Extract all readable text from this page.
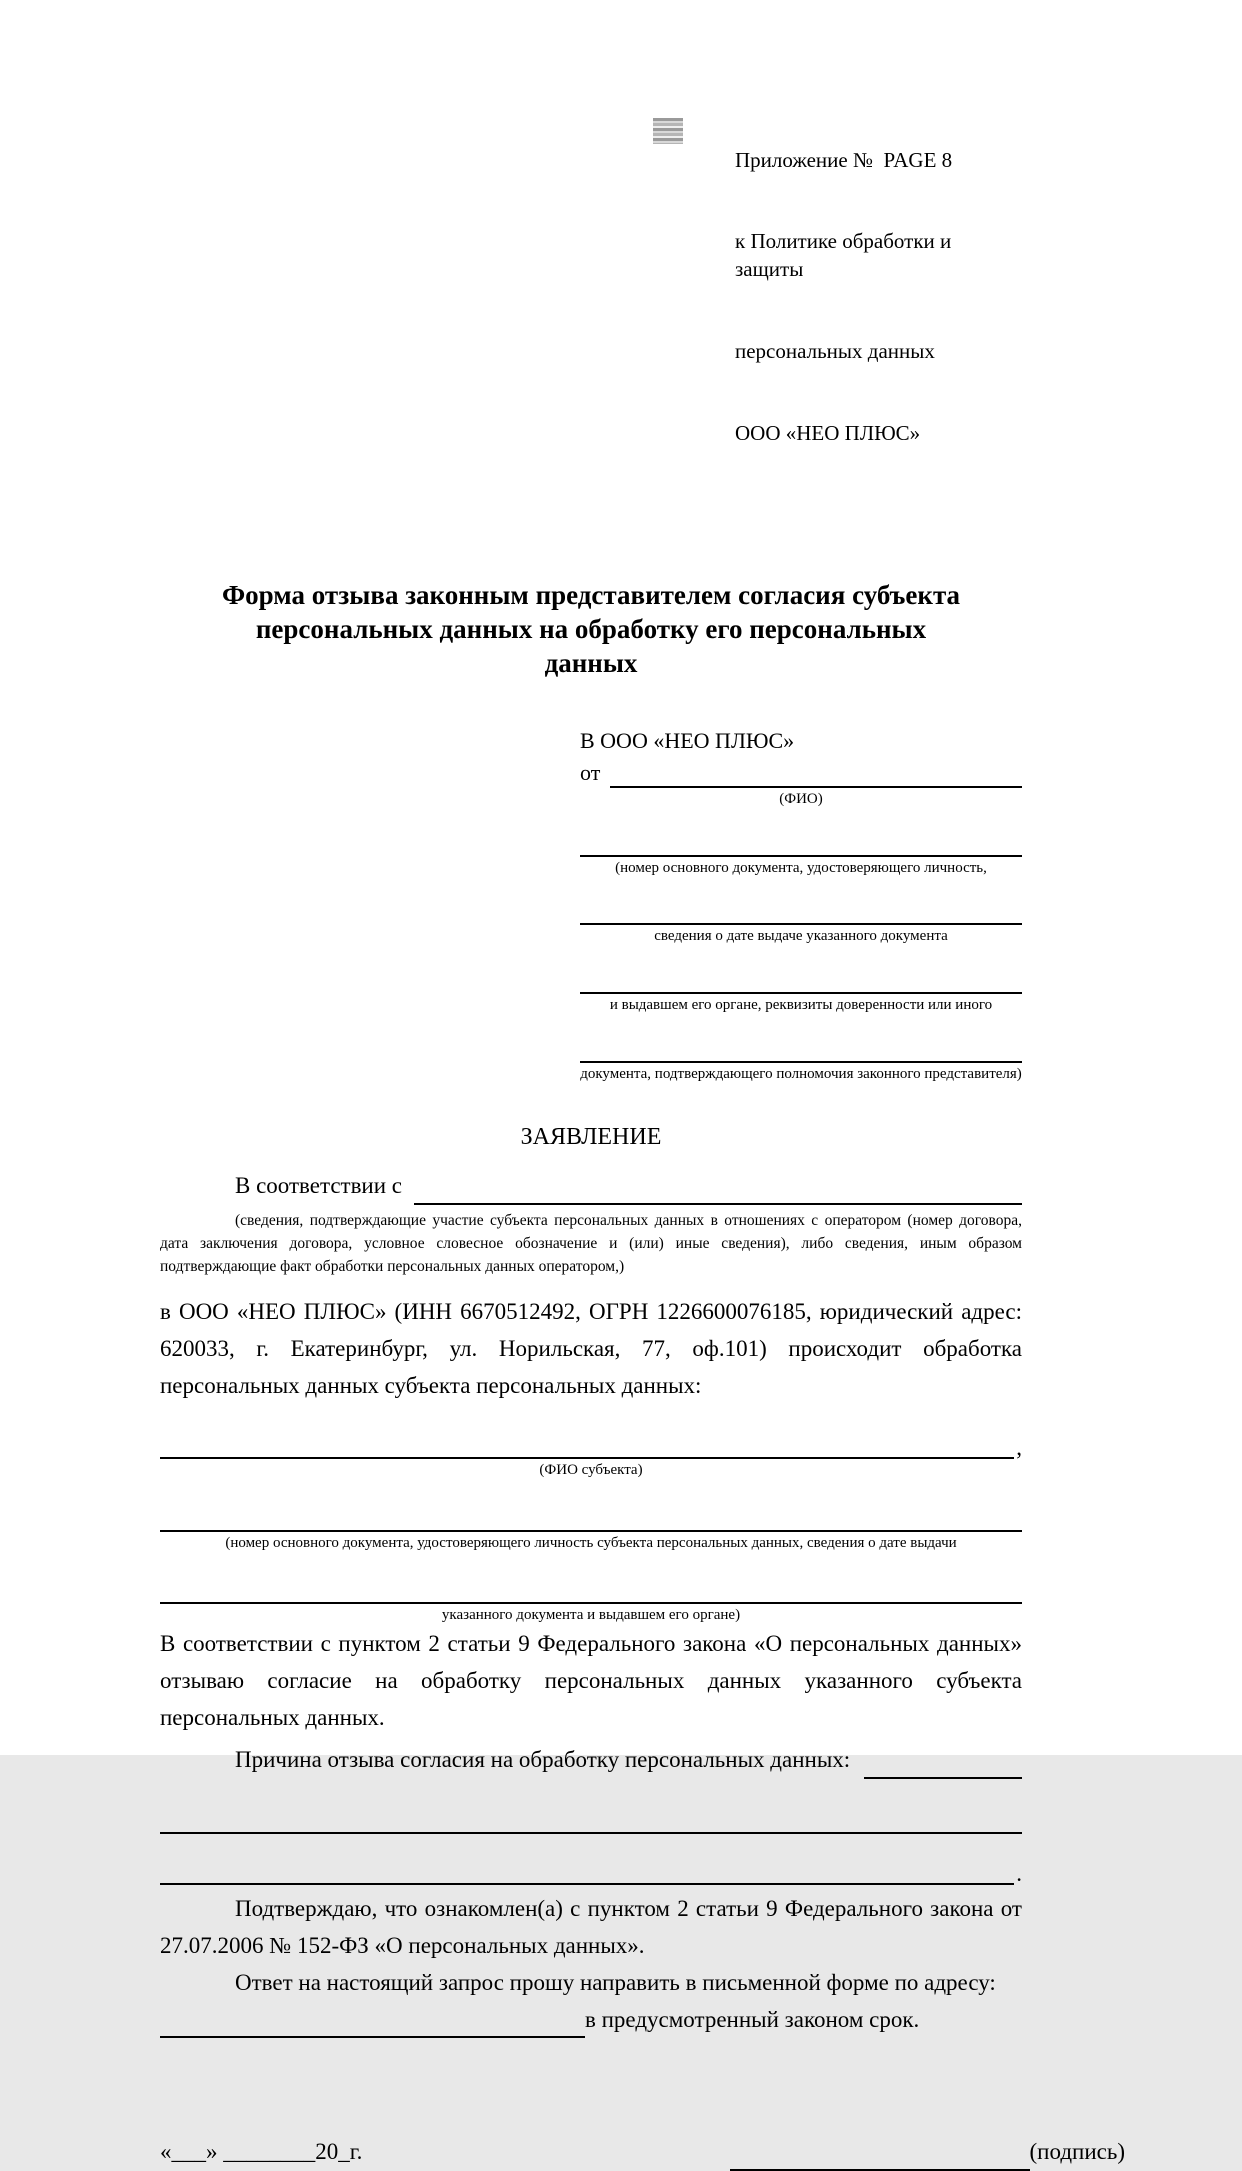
Приложение №  PAGE 8

к Политике обработки и защиты

персональных данных

ООО «НЕО ПЛЮС»

Форма отзыва законным представителем согласия субъекта персональных данных на обработку его персональных данных
В ООО «НЕО ПЛЮС»
от
(ФИО)
(номер основного документа, удостоверяющего личность,
сведения о дате выдаче указанного документа
и выдавшем его органе, реквизиты доверенности или иного
документа, подтверждающего полномочия законного представителя)
ЗАЯВЛЕНИЕ
В соответствии с

(сведения, подтверждающие участие субъекта персональных данных в отношениях с оператором (номер договора, дата заключения договора, условное словесное обозначение и (или) иные сведения), либо сведения, иным образом подтверждающие факт обработки персональных данных оператором,)

в ООО «НЕО ПЛЮС» (ИНН 6670512492, ОГРН 1226600076185, юридический адрес: 620033, г. Екатеринбург, ул. Норильская, 77, оф.101) происходит обработка персональных данных субъекта персональных данных:

,
(ФИО субъекта)
(номер основного документа, удостоверяющего личность субъекта персональных данных, сведения о дате выдачи
указанного документа и выдавшем его органе)

В соответствии с пунктом 2 статьи 9 Федерального закона «О персональных данных» отзываю согласие на обработку персональных данных указанного субъекта персональных данных.

Причина отзыва согласия на обработку персональных данных:
.

Подтверждаю, что ознакомлен(а) с пунктом 2 статьи 9 Федерального закона от 27.07.2006 № 152-ФЗ «О персональных данных».

Ответ на настоящий запрос прошу направить в письменной форме по адресу:

в предусмотренный законом срок.
«___» ________20_г.	(подпись)
